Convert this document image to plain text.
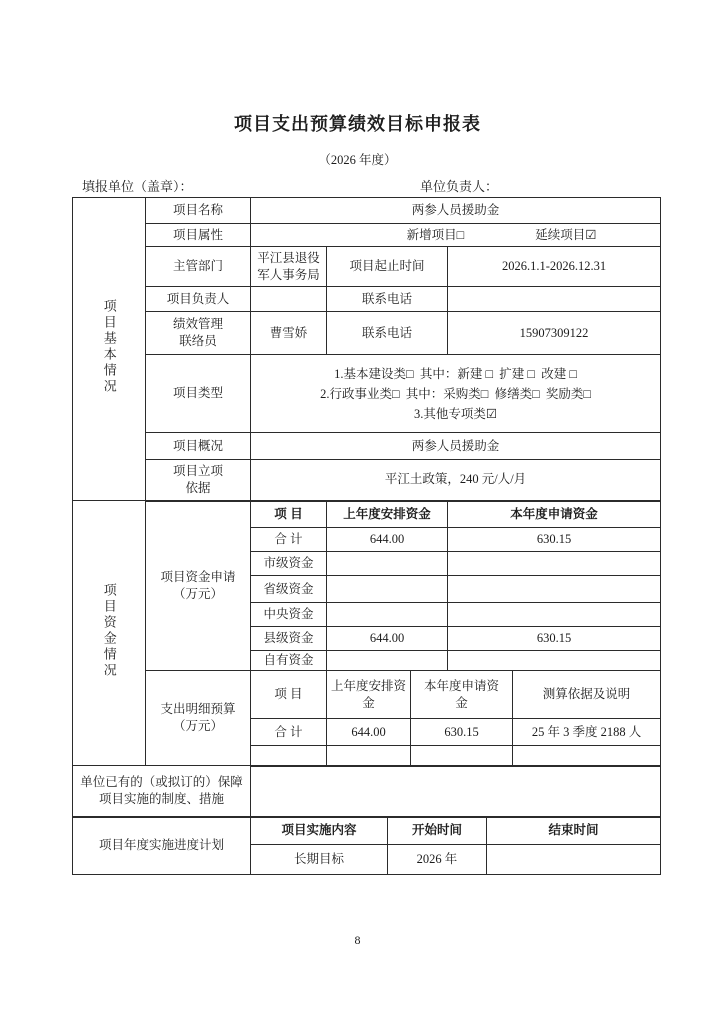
项目支出预算绩效目标申报表
（2026 年度）
填报单位（盖章）：	单位负责人：
项目基本情况	项目名称	两参人员援助金						
	项目属性	新增项目□ 延续项目☑						
	主管部门	平江县退役军人事务局	项目起止时间			2026.1.1-2026.12.31		
	项目负责人		联系电话					
	绩效管理联络员	曹雪娇	联系电话			15907309122		
	项目类型	1.基本建设类□  其中：新建 □  扩建 □  改建 □
2.行政事业类□  其中：采购类□  修缮类□  奖励类□
3.其他专项类☑						

	项目概况	两参人员援助金						
	项目立项依据	平江土政策，240 元/人/月						
项目资金情况	项目资金申请（万元）	项 目	上年度安排资金			本年度申请资金		
		合 计	644.00			630.15		
		市级资金						
		省级资金						
		中央资金						
		县级资金	644.00			630.15		
		自有资金						
	支出明细预算（万元）	项 目	上年度安排资金		本年度申请资金			测算依据及说明
		合 计	644.00		630.15			25 年 3 季度 2188 人

单位已有的（或拟订的）保障项目实施的制度、措施								
项目年度实施进度计划		项目实施内容		开始时间			结束时间	
		长期目标		2026 年				
8
